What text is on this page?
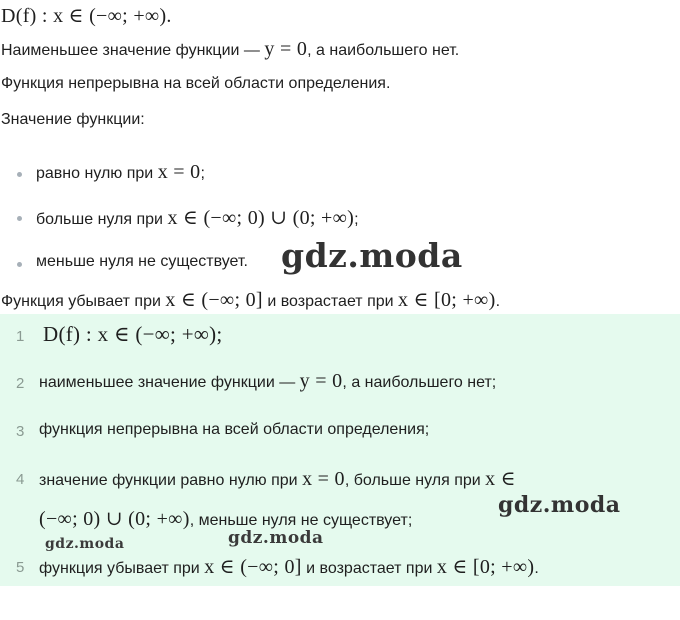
D(f) : x ∈ (−∞; +∞).
Наименьшее значение функции — y = 0, а наибольшего нет.
Функция непрерывна на всей области определения.
Значение функции:
равно нулю при x = 0;
больше нуля при x ∈ (−∞; 0) ∪ (0; +∞);
меньше нуля не существует.
Функция убывает при x ∈ (−∞; 0] и возрастает при x ∈ [0; +∞).
gdz.moda
1 D(f) : x ∈ (−∞; +∞);
2 наименьшее значение функции — y = 0, а наибольшего нет;
3 функция непрерывна на всей области определения;
4 значение функции равно нулю при x = 0, больше нуля при x ∈
(−∞; 0) ∪ (0; +∞), меньше нуля не существует;
5 функция убывает при x ∈ (−∞; 0] и возрастает при x ∈ [0; +∞).
gdz.moda
gdz.moda	gdz.moda
